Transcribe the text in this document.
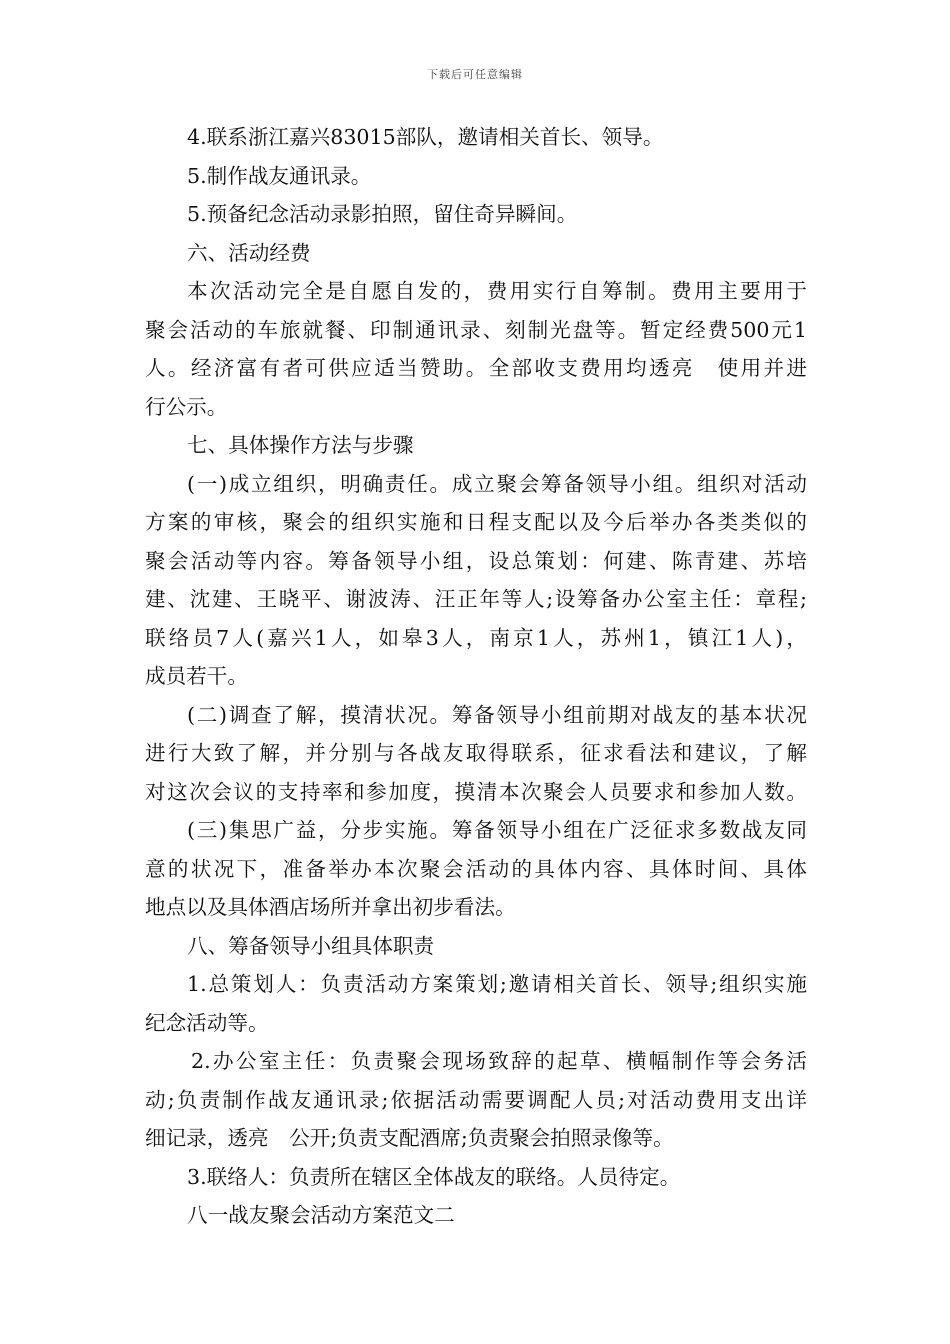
下载后可任意编辑
4.联系浙江嘉兴83015部队，邀请相关首长、领导。
5.制作战友通讯录。
5.预备纪念活动录影拍照，留住奇异瞬间。
六、活动经费
本次活动完全是自愿自发的，费用实行自筹制。费用主要用于
聚会活动的车旅就餐、印制通讯录、刻制光盘等。暂定经费500元1
人。经济富有者可供应适当赞助。全部收支费用均透亮　使用并进
行公示。
七、具体操作方法与步骤
(一)成立组织，明确责任。成立聚会筹备领导小组。组织对活动
方案的审核，聚会的组织实施和日程支配以及今后举办各类类似的
聚会活动等内容。筹备领导小组，设总策划：何建、陈青建、苏培
建、沈建、王晓平、谢波涛、汪正年等人;设筹备办公室主任：章程;
联络员7人(嘉兴1人，如皋3人，南京1人，苏州1，镇江1人)，
成员若干。
(二)调查了解，摸清状况。筹备领导小组前期对战友的基本状况
进行大致了解，并分别与各战友取得联系，征求看法和建议，了解
对这次会议的支持率和参加度，摸清本次聚会人员要求和参加人数。
(三)集思广益，分步实施。筹备领导小组在广泛征求多数战友同
意的状况下，准备举办本次聚会活动的具体内容、具体时间、具体
地点以及具体酒店场所并拿出初步看法。
八、筹备领导小组具体职责
1.总策划人：负责活动方案策划;邀请相关首长、领导;组织实施
纪念活动等。
2.办公室主任：负责聚会现场致辞的起草、横幅制作等会务活
动;负责制作战友通讯录;依据活动需要调配人员;对活动费用支出详
细记录，透亮　公开;负责支配酒席;负责聚会拍照录像等。
3.联络人：负责所在辖区全体战友的联络。人员待定。
八一战友聚会活动方案范文二
